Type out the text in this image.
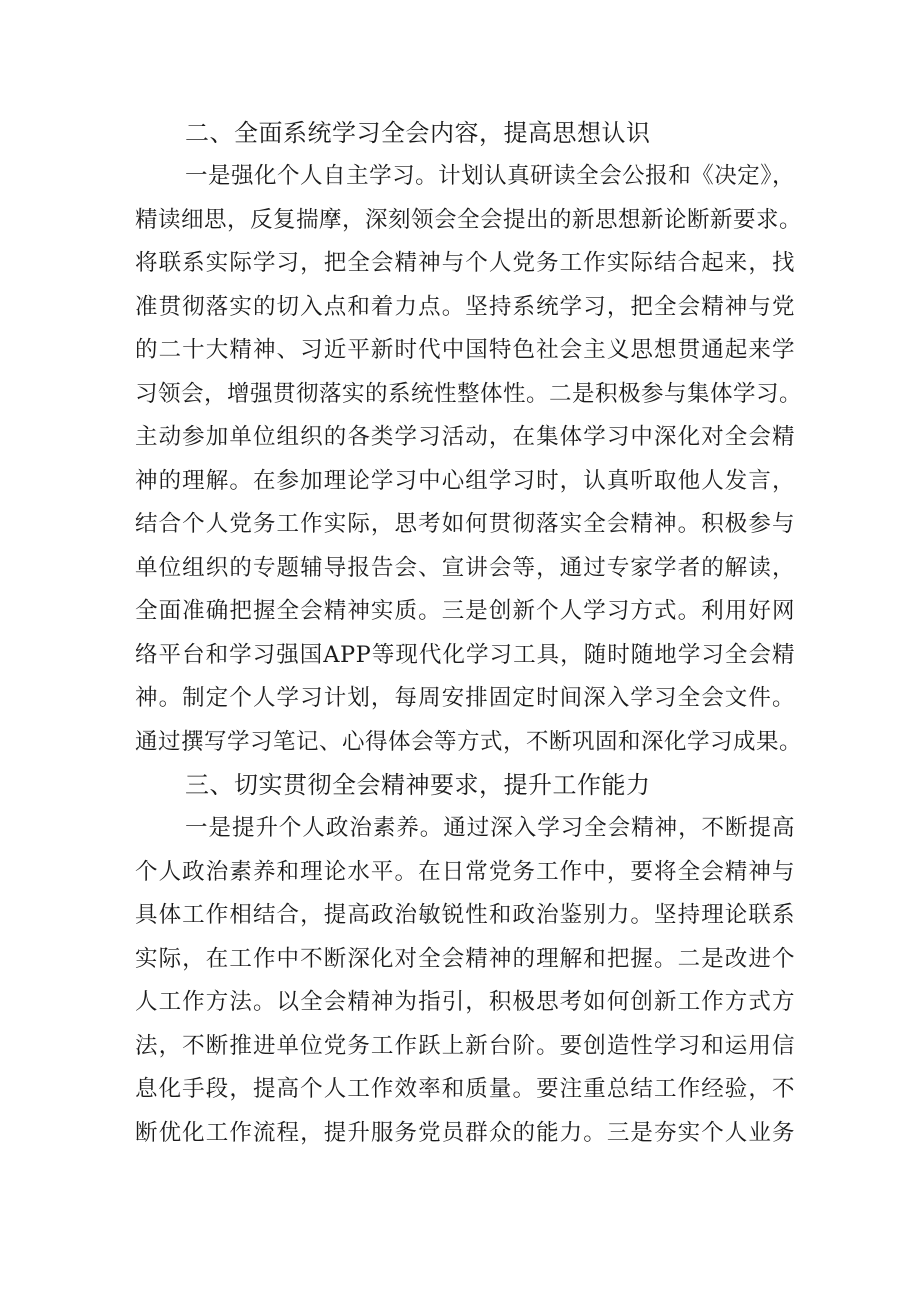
二、全面系统学习全会内容，提高思想认识

一是强化个人自主学习。计划认真研读全会公报和《决定》，

精读细思，反复揣摩，深刻领会全会提出的新思想新论断新要求。

将联系实际学习，把全会精神与个人党务工作实际结合起来，找

准贯彻落实的切入点和着力点。坚持系统学习，把全会精神与党

的二十大精神、习近平新时代中国特色社会主义思想贯通起来学

习领会，增强贯彻落实的系统性整体性。二是积极参与集体学习。

主动参加单位组织的各类学习活动，在集体学习中深化对全会精

神的理解。在参加理论学习中心组学习时，认真听取他人发言，

结合个人党务工作实际，思考如何贯彻落实全会精神。积极参与

单位组织的专题辅导报告会、宣讲会等，通过专家学者的解读，

全面准确把握全会精神实质。三是创新个人学习方式。利用好网

络平台和学习强国APP等现代化学习工具，随时随地学习全会精

神。制定个人学习计划，每周安排固定时间深入学习全会文件。

通过撰写学习笔记、心得体会等方式，不断巩固和深化学习成果。

三、切实贯彻全会精神要求，提升工作能力

一是提升个人政治素养。通过深入学习全会精神，不断提高

个人政治素养和理论水平。在日常党务工作中，要将全会精神与

具体工作相结合，提高政治敏锐性和政治鉴别力。坚持理论联系

实际，在工作中不断深化对全会精神的理解和把握。二是改进个

人工作方法。以全会精神为指引，积极思考如何创新工作方式方

法，不断推进单位党务工作跃上新台阶。要创造性学习和运用信

息化手段，提高个人工作效率和质量。要注重总结工作经验，不

断优化工作流程，提升服务党员群众的能力。三是夯实个人业务
